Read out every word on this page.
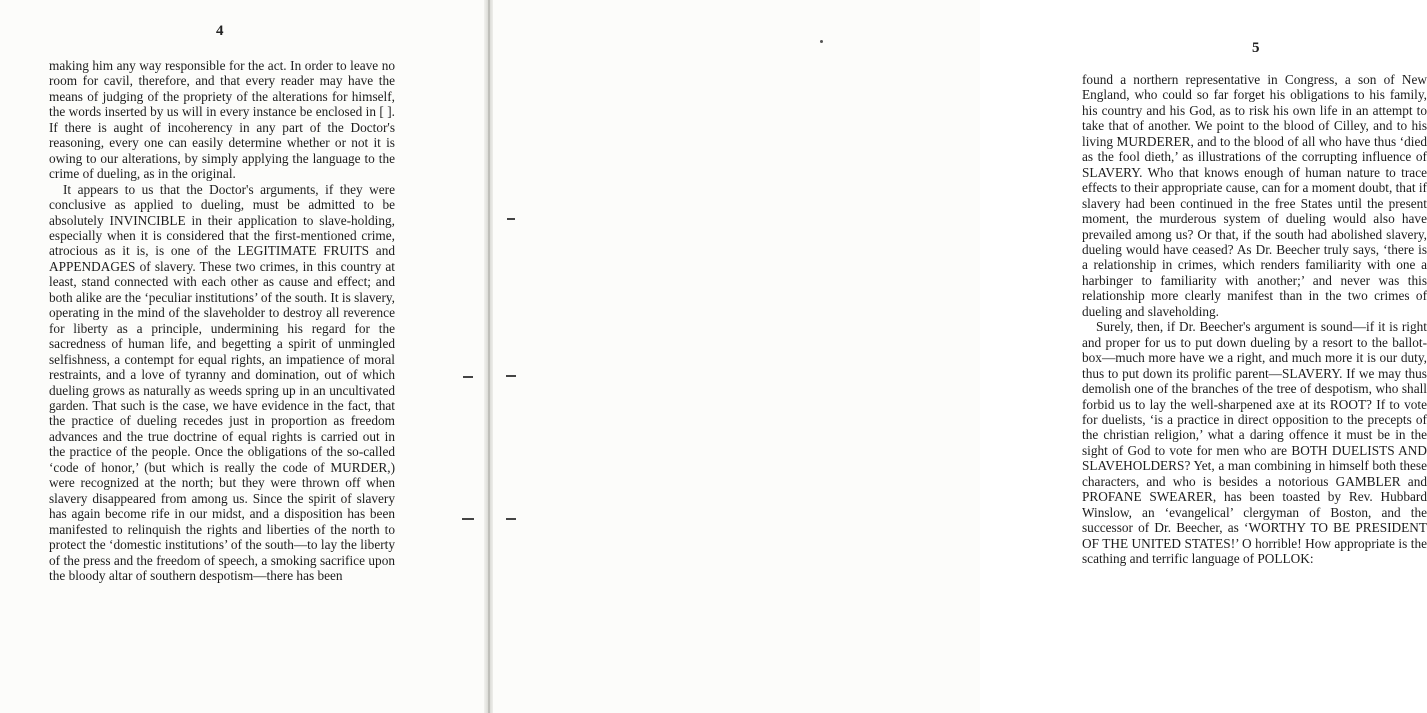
4

making him any way responsible for the act. In order to leave no room for cavil, therefore, and that every reader may have the means of judging of the propriety of the alterations for himself, the words inserted by us will in every instance be enclosed in [ ]. If there is aught of incoherency in any part of the Doctor's reasoning, every one can easily determine whether or not it is owing to our alterations, by simply applying the language to the crime of dueling, as in the original.

It appears to us that the Doctor's arguments, if they were conclusive as applied to dueling, must be admitted to be absolutely INVINCIBLE in their application to slave-holding, especially when it is considered that the first-mentioned crime, atrocious as it is, is one of the LEGITIMATE FRUITS and APPENDAGES of slavery. These two crimes, in this country at least, stand connected with each other as cause and effect; and both alike are the ‘peculiar institutions’ of the south. It is slavery, operating in the mind of the slaveholder to destroy all reverence for liberty as a principle, undermining his regard for the sacredness of human life, and begetting a spirit of unmingled selfishness, a contempt for equal rights, an impatience of moral restraints, and a love of tyranny and domination, out of which dueling grows as naturally as weeds spring up in an uncultivated garden. That such is the case, we have evidence in the fact, that the practice of dueling recedes just in proportion as freedom advances and the true doctrine of equal rights is carried out in the practice of the people. Once the obligations of the so-called ‘code of honor,’ (but which is really the code of MURDER,) were recognized at the north; but they were thrown off when slavery disappeared from among us. Since the spirit of slavery has again become rife in our midst, and a disposition has been manifested to relinquish the rights and liberties of the north to protect the ‘domestic institutions’ of the south—to lay the liberty of the press and the freedom of speech, a smoking sacrifice upon the bloody altar of southern despotism—there has been

5

found a northern representative in Congress, a son of New England, who could so far forget his obligations to his family, his country and his God, as to risk his own life in an attempt to take that of another. We point to the blood of Cilley, and to his living MURDERER, and to the blood of all who have thus ‘died as the fool dieth,’ as illustrations of the corrupting influence of SLAVERY. Who that knows enough of human nature to trace effects to their appropriate cause, can for a moment doubt, that if slavery had been continued in the free States until the present moment, the murderous system of dueling would also have prevailed among us? Or that, if the south had abolished slavery, dueling would have ceased? As Dr. Beecher truly says, ‘there is a relationship in crimes, which renders familiarity with one a harbinger to familiarity with another;’ and never was this relationship more clearly manifest than in the two crimes of dueling and slaveholding.

Surely, then, if Dr. Beecher's argument is sound—if it is right and proper for us to put down dueling by a resort to the ballot-box—much more have we a right, and much more it is our duty, thus to put down its prolific parent—SLAVERY. If we may thus demolish one of the branches of the tree of despotism, who shall forbid us to lay the well-sharpened axe at its ROOT? If to vote for duelists, ‘is a practice in direct opposition to the precepts of the christian religion,’ what a daring offence it must be in the sight of God to vote for men who are BOTH DUELISTS AND SLAVEHOLDERS? Yet, a man combining in himself both these characters, and who is besides a notorious GAMBLER and PROFANE SWEARER, has been toasted by Rev. Hubbard Winslow, an ‘evangelical’ clergyman of Boston, and the successor of Dr. Beecher, as ‘WORTHY TO BE PRESIDENT OF THE UNITED STATES!’ O horrible! How appropriate is the scathing and terrific language of POLLOK:
